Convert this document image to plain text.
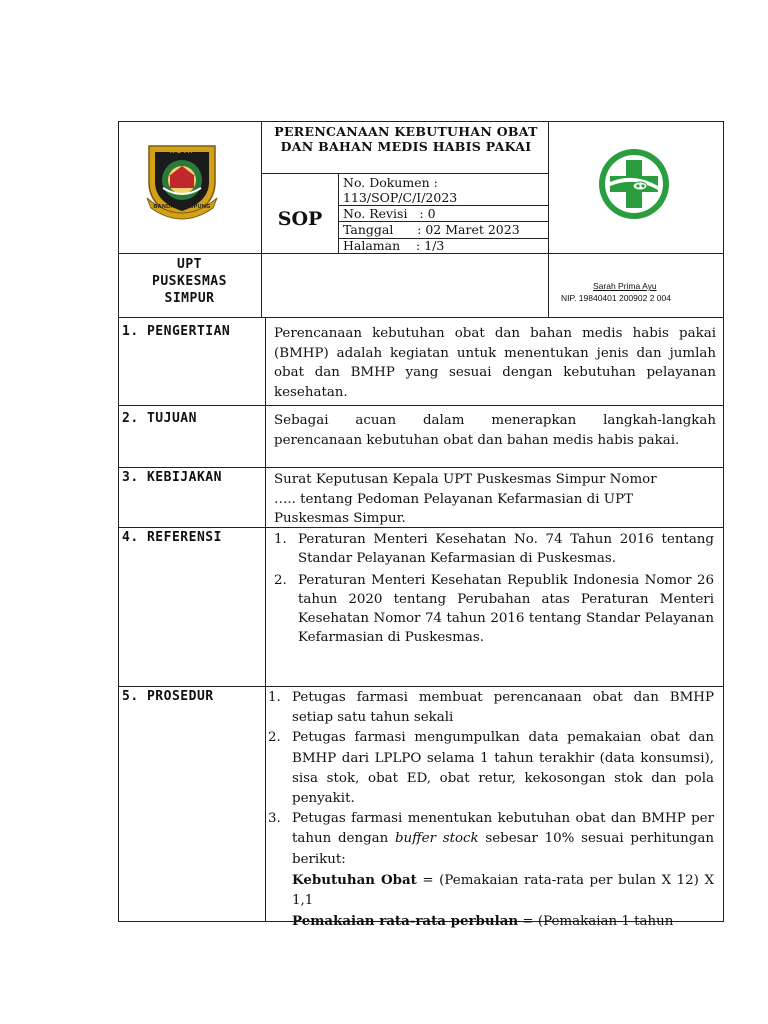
KOTA
BANDAR LAMPUNG
PERENCANAAN KEBUTUHAN OBAT DAN BAHAN MEDIS HABIS PAKAI
SOP
No. Dokumen :
113/SOP/C/I/2023
No. Revisi   : 0
Tanggal      : 02 Maret 2023
Halaman    : 1/3
UPT
PUSKESMAS
SIMPUR
Sarah Prima Ayu
NIP. 19840401 200902 2 004
1. PENGERTIAN	Perencanaan kebutuhan obat dan bahan medis habis pakai (BMHP) adalah kegiatan untuk menentukan jenis dan jumlah obat dan BMHP yang sesuai dengan kebutuhan pelayanan kesehatan.
2. TUJUAN	Sebagai acuan dalam menerapkan langkah-langkah perencanaan kebutuhan obat dan bahan medis habis pakai.
3. KEBIJAKAN	Surat Keputusan Kepala UPT Puskesmas Simpur Nomor
….. tentang Pedoman Pelayanan Kefarmasian di UPT
Puskesmas Simpur.
4. REFERENSI	1. Peraturan Menteri Kesehatan No. 74 Tahun 2016 tentang Standar Pelayanan Kefarmasian di Puskesmas.
2. Peraturan Menteri Kesehatan Republik Indonesia Nomor 26 tahun 2020 tentang Perubahan atas Peraturan Menteri Kesehatan Nomor 74 tahun 2016 tentang Standar Pelayanan Kefarmasian di Puskesmas.
5. PROSEDUR	1. Petugas farmasi membuat perencanaan obat dan BMHP setiap satu tahun sekali
2. Petugas farmasi mengumpulkan data pemakaian obat dan BMHP dari LPLPO selama 1 tahun terakhir (data konsumsi), sisa stok, obat ED, obat retur, kekosongan stok dan pola penyakit.
3. Petugas farmasi menentukan kebutuhan obat dan BMHP per tahun dengan buffer stock sebesar 10% sesuai perhitungan berikut:
Kebutuhan Obat = (Pemakaian rata-rata per bulan X 12) X 1,1
Pemakaian rata-rata perbulan = (Pemakaian 1 tahun
